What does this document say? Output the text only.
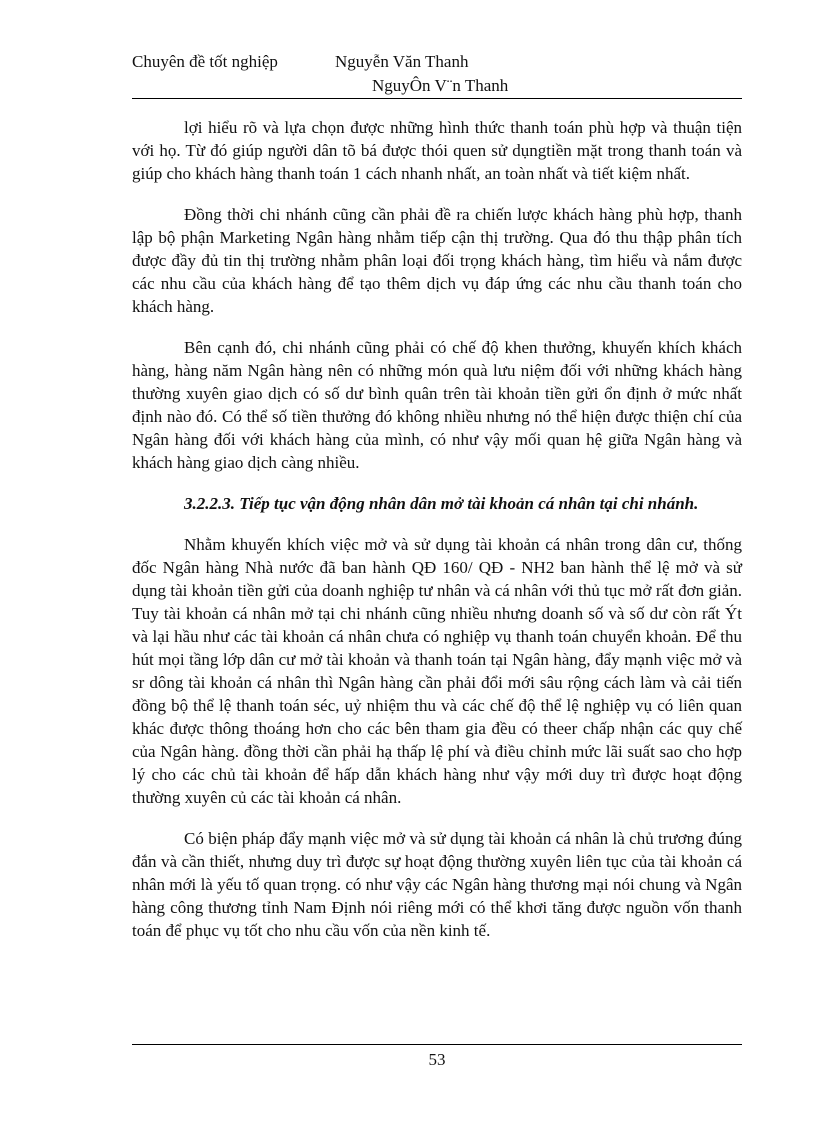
Chuyên đề tốt nghiệp	Nguyễn Văn Thanh
NguyÔn V¨n Thanh

lợi hiểu rõ và lựa chọn được những hình thức thanh toán phù hợp và thuận tiện với họ. Từ đó giúp người dân tõ bá được thói quen sử dụngtiền mặt trong thanh toán và giúp cho khách hàng thanh toán 1 cách nhanh nhất, an toàn nhất và tiết kiệm nhất.

Đồng thời chi nhánh cũng cần phải đề ra chiến lược khách hàng phù hợp, thanh lập bộ phận Marketing Ngân hàng nhằm tiếp cận thị trường. Qua đó thu thập phân tích được đầy đủ tin thị trường nhằm phân loại đối trọng khách hàng, tìm hiểu và nắm được các nhu cầu của khách hàng để tạo thêm dịch vụ đáp ứng các nhu cầu thanh toán cho khách hàng.

Bên cạnh đó, chi nhánh cũng phải có chế độ khen thưởng, khuyến khích khách hàng, hàng năm Ngân hàng nên có những món quà lưu niệm đối với những khách hàng thường xuyên giao dịch có số dư bình quân trên tài khoản tiền gửi ổn định ở mức nhất định nào đó. Có thể số tiền thưởng đó không nhiều nhưng nó thể hiện được thiện chí của Ngân hàng đối với khách hàng của mình, có như vậy mối quan hệ giữa Ngân hàng và khách hàng giao dịch càng nhiều.

3.2.2.3. Tiếp tục vận động nhân dân mở tài khoản cá nhân tại chi nhánh.

Nhằm khuyến khích việc mở và sử dụng tài khoản cá nhân trong dân cư, thống đốc Ngân hàng Nhà nước đã ban hành QĐ 160/ QĐ - NH2 ban hành thể lệ mở và sử dụng tài khoản tiền gửi của doanh nghiệp tư nhân và cá nhân với thủ tục mở rất đơn giản. Tuy tài khoản cá nhân mở tại chi nhánh cũng nhiều nhưng doanh số và số dư còn rất Ýt và lại hầu như các tài khoản cá nhân chưa có nghiệp vụ thanh toán chuyển khoản. Để thu hút mọi tầng lớp dân cư mở tài khoản và thanh toán tại Ngân hàng, đẩy mạnh việc mở và sr dông tài khoản cá nhân thì Ngân hàng cần phải đổi mới sâu rộng cách làm và cải tiến đồng bộ thể lệ thanh toán séc, uỷ nhiệm thu và các chế độ thể lệ nghiệp vụ có liên quan khác được thông thoáng hơn cho các bên tham gia đều có theer chấp nhận các quy chế của Ngân hàng. đồng thời cần phải hạ thấp lệ phí và điều chỉnh mức lãi suất sao cho hợp lý cho các chủ tài khoản để hấp dẫn khách hàng như vậy mới duy trì được hoạt động thường xuyên củ các tài khoản cá nhân.

Có biện pháp đẩy mạnh việc mở và sử dụng tài khoản cá nhân là chủ trương đúng đắn và cần thiết, nhưng duy trì được sự hoạt động thường xuyên liên tục của tài khoản cá nhân mới là yếu tố quan trọng. có như vậy các Ngân hàng thương mại nói chung và Ngân hàng công thương tỉnh Nam Định nói riêng mới có thể khơi tăng được nguồn vốn thanh toán để phục vụ tốt cho nhu cầu vốn của nền kinh tế.

53
